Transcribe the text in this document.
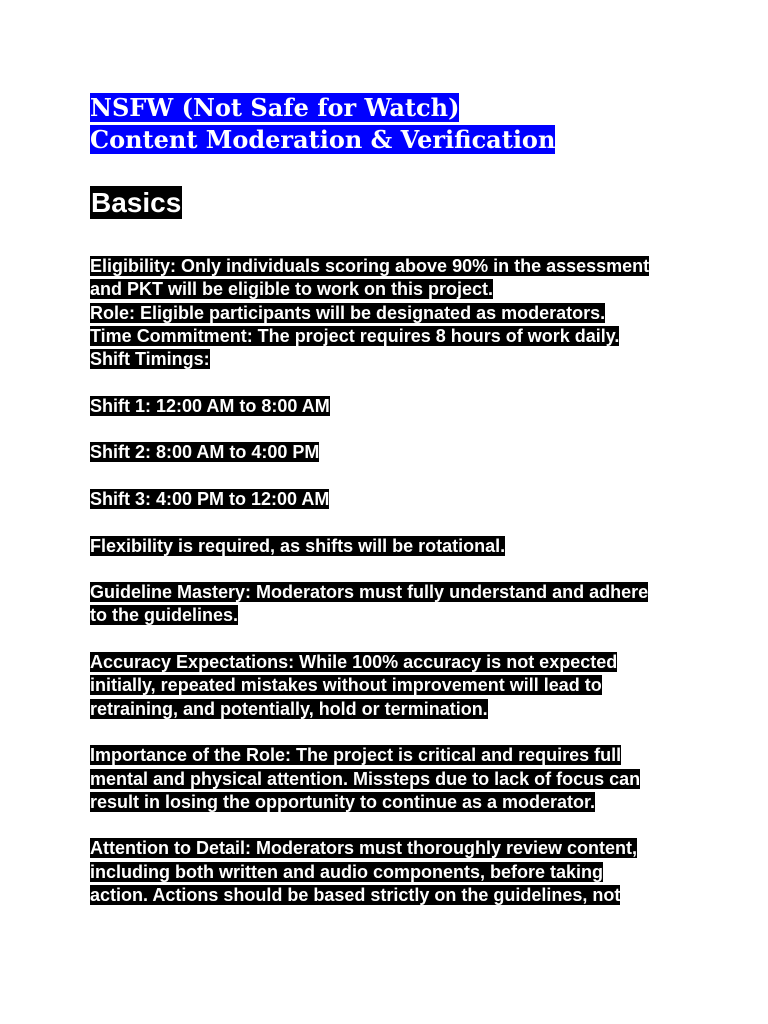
NSFW (Not Safe for Watch)
Content Moderation & Verification
Basics
Eligibility: Only individuals scoring above 90% in the assessment
and PKT will be eligible to work on this project.
Role: Eligible participants will be designated as moderators.
Time Commitment: The project requires 8 hours of work daily.
Shift Timings:
Shift 1: 12:00 AM to 8:00 AM
Shift 2: 8:00 AM to 4:00 PM
Shift 3: 4:00 PM to 12:00 AM
Flexibility is required, as shifts will be rotational.
Guideline Mastery: Moderators must fully understand and adhere
to the guidelines.
Accuracy Expectations: While 100% accuracy is not expected
initially, repeated mistakes without improvement will lead to
retraining, and potentially, hold or termination.
Importance of the Role: The project is critical and requires full
mental and physical attention. Missteps due to lack of focus can
result in losing the opportunity to continue as a moderator.
Attention to Detail: Moderators must thoroughly review content,
including both written and audio components, before taking
action. Actions should be based strictly on the guidelines, not
